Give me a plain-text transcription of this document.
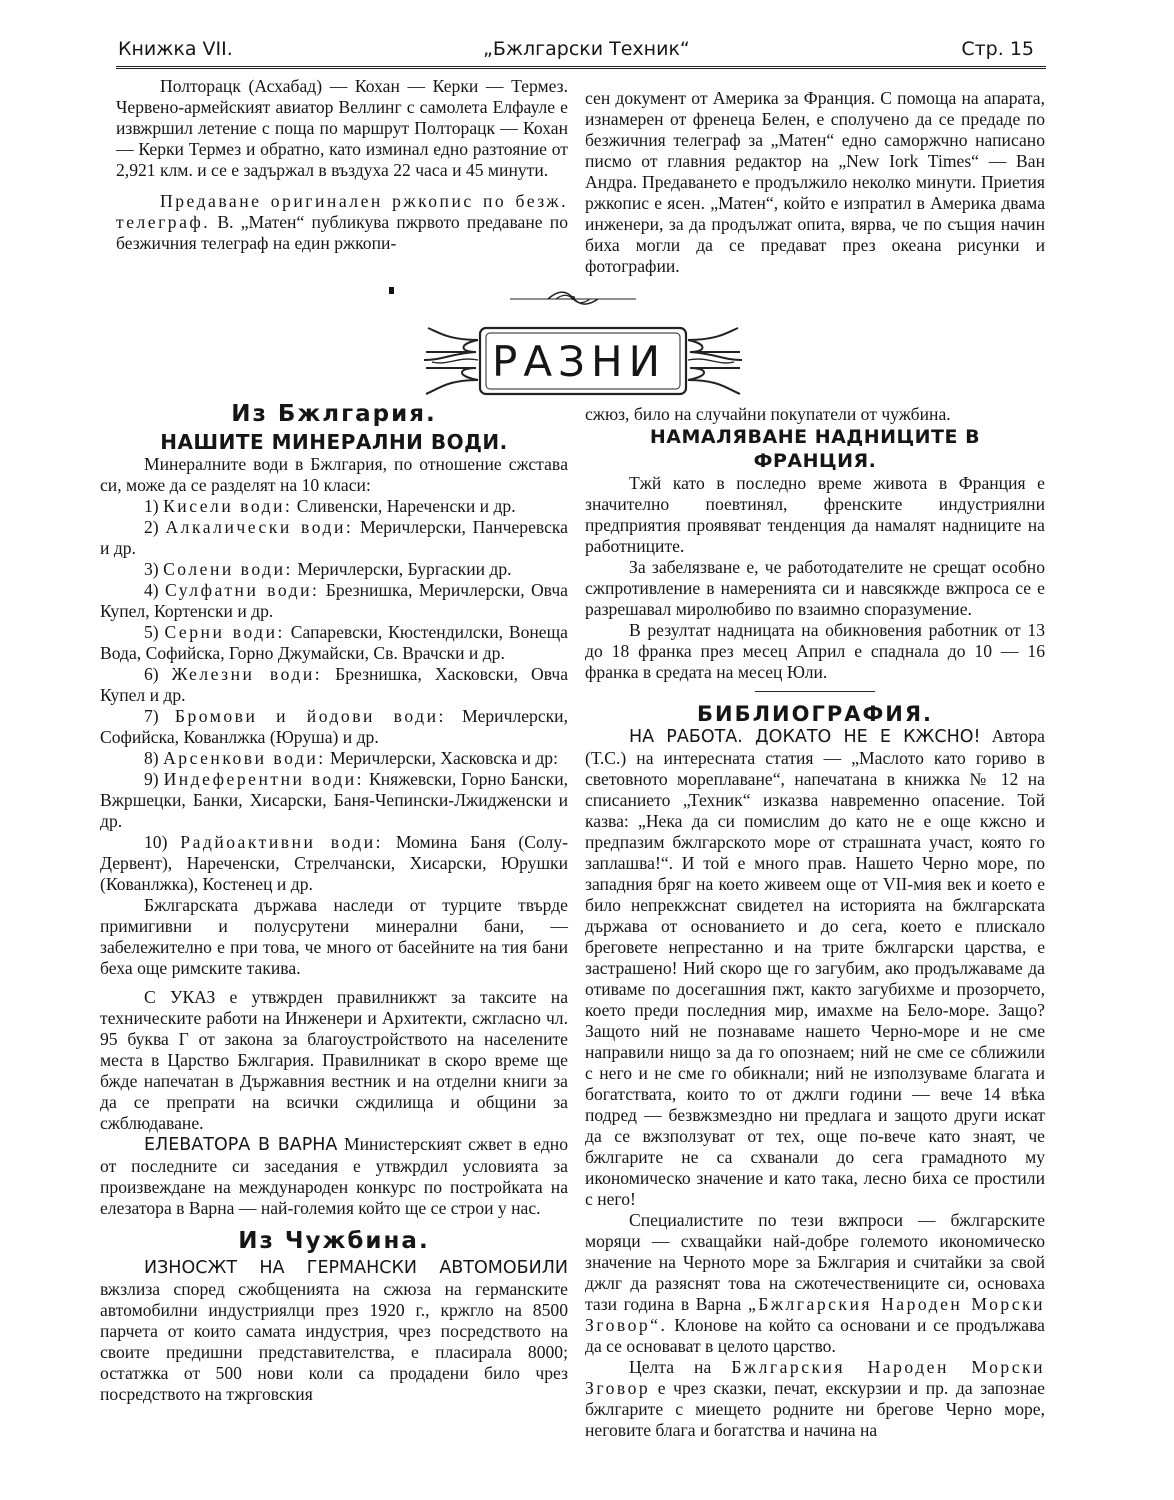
Книжка VII.	„Бжлгарски Техник“	Стр. 15

Полторацк (Асхабад) — Кохан — Керки — Термез. Червено-армейският авиатор Веллинг с самолета Елфауле е извжршил летение с поща по маршрут Полторацк — Кохан — Керки Термез и обратно, като изминал едно разтояние от 2,921 клм. и се е задържал в въздуха 22 часа и 45 минути.

Предаване оригинален ржкопис по безж. телеграф. В. „Матен“ публикува пжрвото предаване по безжичния телеграф на един ржкопи-

сен документ от Америка за Франция. С помоща на апарата, изнамерен от френеца Белен, е сполучено да се предаде по безжичния телеграф за „Матен“ едно саморжчно написано писмо от главния редактор на „New Iork Times“ — Ван Андра. Предаването е продължило неколко минути. Приетия ржкопис е ясен. „Матен“, който е изпратил в Америка двама инженери, за да продължат опита, вярва, че по същия начин биха могли да се предават през океана рисунки и фотографии.

РАЗНИ
Из Бжлгария.
НАШИТЕ МИНЕРАЛНИ ВОДИ.

Минералните води в Бжлгария, по отношение сжставa си, може да се разделят на 10 класи:

1) Кисели води: Сливенски, Нареченски и др.

2) Алкалически води: Меричлерски, Панчеревска и др.

3) Солени води: Меричлерски, Бургаскии др.

4) Сулфатни води: Брезнишка, Меричлерски, Овча Купел, Кортенски и др.

5) Серни води: Сапаревски, Кюстендилски, Вонеща Вода, Софийска, Горно Джумайски, Св. Врачски и др.

6) Железни води: Брезнишка, Хасковски, Овча Купел и др.

7) Бромови и йодови води: Меричлерски, Софийска, Кованлжка (Юруша) и др.

8) Арсенкови води: Меричлерски, Хасковска и др:

9) Индеферентни води: Княжевски, Горно Бански, Вжршецки, Банки, Хисарски, Баня-Чепински-Лжидженски и др.

10) Радйоактивни води: Момина Баня (Солу-Дервент), Нареченски, Стрелчански, Хисарски, Юрушки (Кованлжка), Костенец и др.

Бжлгарската държава наследи от турците твърде примигивни и полусрутени минерални бани, — забележително е при това, че много от басейните на тия бани беха още римските такива.

С УКАЗ е утвжрден правилникжт за таксите на техническите работи на Инженери и Архитекти, сжгласно чл. 95 буква Г от закона за благоустройството на населените места в Царство Бжлгария. Правилникат в скоро време ще бжде напечатан в Държавния вестник и на отделни книги за да се препрати на всички сждилища и общини за сжблюдаване.

ЕЛЕВАТОРА В ВАРНА Министерският сжвет в едно от последните си заседания е утвжрдил условията за произвеждане на международен конкурс по постройката на елезатора в Варна — най-големия който ще се строи у нас.

Из Чужбина.

ИЗНОСЖТ НА ГЕРМАНСКИ АВТОМОБИЛИ вжзлиза според сжобщенията на сжюза на германските автомобилни индустриялци през 1920 г., кржгло на 8500 парчета от които самата индустрия, чрез посредството на своите предишни представителства, е пласирала 8000; остатжка от 500 нови коли са продадени било чрез посредството на тжрговския

сжюз, било на случайни покупатели от чужбина.

НАМАЛЯВАНЕ НАДНИЦИТЕ В ФРАНЦИЯ.

Тжй като в последно време живота в Франция е значително поевтинял, френските индустриялни предприятия проявяват тенденция да намалят надниците на работниците.

За забелязване е, че работодателите не срещат особно сжпротивление в намеренията си и навсякжде вжпроса се е разрешавал миролюбиво по взаимно споразумение.

В резултат надницата на обикновения работник от 13 до 18 франка през месец Април е спаднала до 10 — 16 франка в средата на месец Юли.

БИБЛИОГРАФИЯ.

НА РАБОТА. ДОКАТО НЕ Е КЖСНО! Автора (Т.С.) на интересната статия — „Маслото като гориво в световното мореплаване“, напечатана в книжка № 12 на списанието „Техник“ изказва навременно опасение. Той казва: „Нека да си помислим до като не е още кжсно и предпазим бжлгарското море от страшната участ, която го заплашва!“. И той е много прав. Нашето Черно море, по западния бряг на което живеем още от VII-мия век и което е било непрекжснат свидетел на историята на бжлгарската държава от основанието и до сега, което е плискало бреговете непрестанно и на трите бжлгарски царства, е застрашено! Ний скоро ще го загубим, ако продължаваме да отиваме по досегашния пжт, както загубихме и прозорчето, което преди последния мир, имахме на Бело-море. Защо? Защото ний не познаваме нашето Черно-море и не сме направили нищо за да го опознаем; ний не сме се сближили с него и не сме го обикнали; ний не използуваме благата и богатствата, които то от джлги години — вече 14 вѣка подред — безвжзмездно ни предлага и защото други искат да се вжзползуват от тех, още по-вече като знаят, че бжлгарите не са схванали до сега грамадното му икономическо значение и като така, лесно биха се простили с него!

Специалистите по тези вжпроси — бжлгарските моряци — схващайки най-добре големото икономическо значение на Черното море за Бжлгария и считайки за свой джлг да разяснят това на сжотечествениците си, основаха тази година в Варна „Бжлгарския Народен Морски Зговор“. Клонове на който са основани и се продължава да се основават в целото царство.

Целта на Бжлгарския Народен Морски Зговор е чрез сказки, печат, екскурзии и пр. да запознае бжлгарите с миещето родните ни брегове Черно море, неговите блага и богатства и начина на
